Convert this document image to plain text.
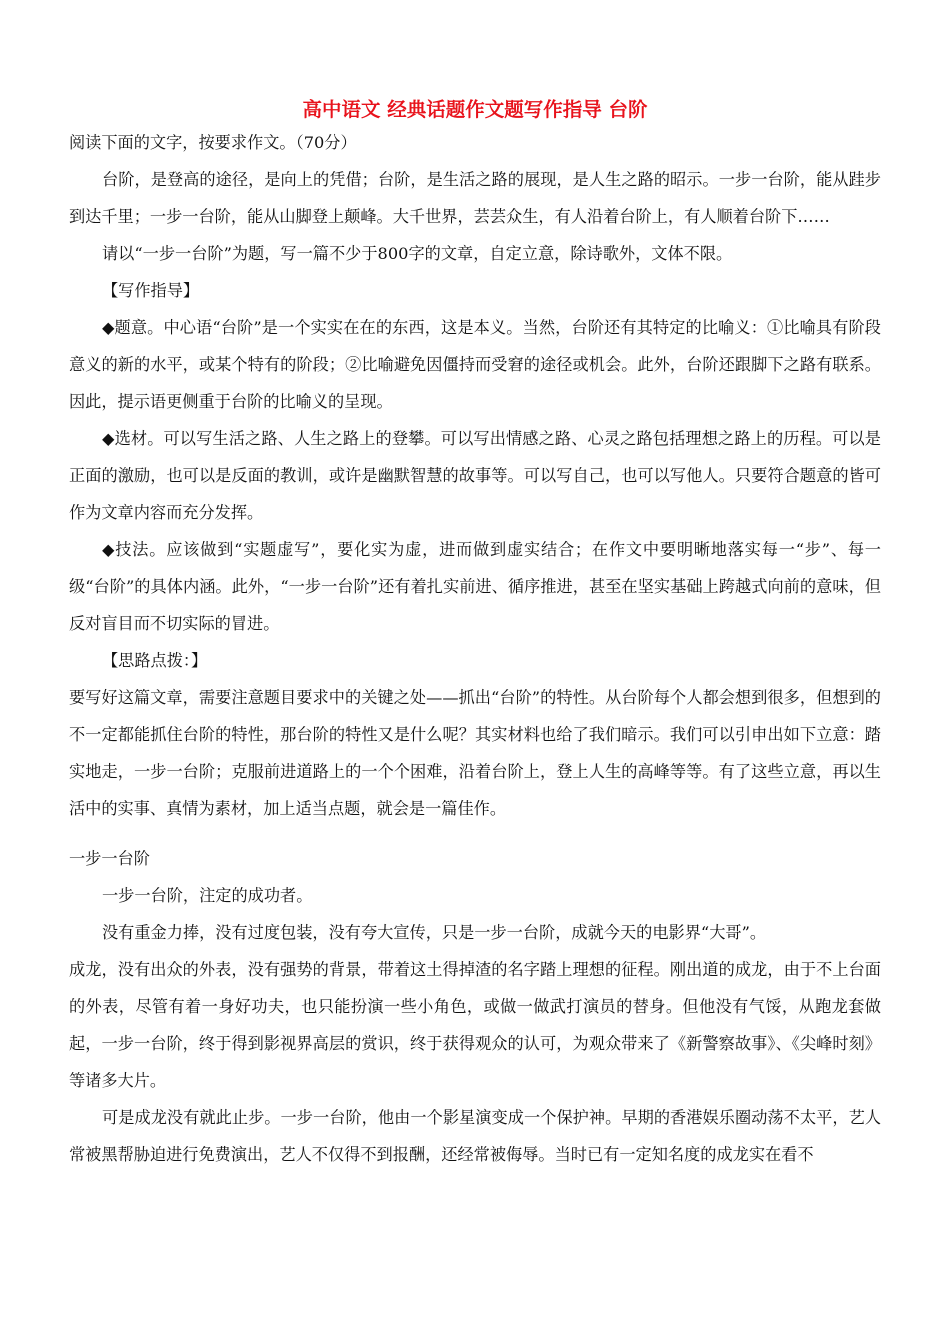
高中语文 经典话题作文题写作指导 台阶

阅读下面的文字，按要求作文。（70分）

台阶，是登高的途径，是向上的凭借；台阶，是生活之路的展现，是人生之路的昭示。一步一台阶，能从跬步到达千里；一步一台阶，能从山脚登上颠峰。大千世界，芸芸众生，有人沿着台阶上，有人顺着台阶下……

请以“一步一台阶”为题，写一篇不少于800字的文章，自定立意，除诗歌外，文体不限。

【写作指导】

◆题意。中心语“台阶”是一个实实在在的东西，这是本义。当然，台阶还有其特定的比喻义：①比喻具有阶段意义的新的水平，或某个特有的阶段；②比喻避免因僵持而受窘的途径或机会。此外，台阶还跟脚下之路有联系。因此，提示语更侧重于台阶的比喻义的呈现。

◆选材。可以写生活之路、人生之路上的登攀。可以写出情感之路、心灵之路包括理想之路上的历程。可以是正面的激励，也可以是反面的教训，或许是幽默智慧的故事等。可以写自己，也可以写他人。只要符合题意的皆可作为文章内容而充分发挥。

◆技法。应该做到“实题虚写”，要化实为虚，进而做到虚实结合；在作文中要明晰地落实每一“步”、每一级“台阶”的具体内涵。此外，“一步一台阶”还有着扎实前进、循序推进，甚至在坚实基础上跨越式向前的意味，但反对盲目而不切实际的冒进。

【思路点拨：】

要写好这篇文章，需要注意题目要求中的关键之处——抓出“台阶”的特性。从台阶每个人都会想到很多，但想到的不一定都能抓住台阶的特性，那台阶的特性又是什么呢？其实材料也给了我们暗示。我们可以引申出如下立意：踏实地走，一步一台阶；克服前进道路上的一个个困难，沿着台阶上，登上人生的高峰等等。有了这些立意，再以生活中的实事、真情为素材，加上适当点题，就会是一篇佳作。

一步一台阶

一步一台阶，注定的成功者。

没有重金力捧，没有过度包装，没有夸大宣传，只是一步一台阶，成就今天的电影界“大哥”。

成龙，没有出众的外表，没有强势的背景，带着这土得掉渣的名字踏上理想的征程。刚出道的成龙，由于不上台面的外表，尽管有着一身好功夫，也只能扮演一些小角色，或做一做武打演员的替身。但他没有气馁，从跑龙套做起，一步一台阶，终于得到影视界高层的赏识，终于获得观众的认可，为观众带来了《新警察故事》、《尖峰时刻》等诸多大片。

可是成龙没有就此止步。一步一台阶，他由一个影星演变成一个保护神。早期的香港娱乐圈动荡不太平，艺人常被黑帮胁迫进行免费演出，艺人不仅得不到报酬，还经常被侮辱。当时已有一定知名度的成龙实在看不
